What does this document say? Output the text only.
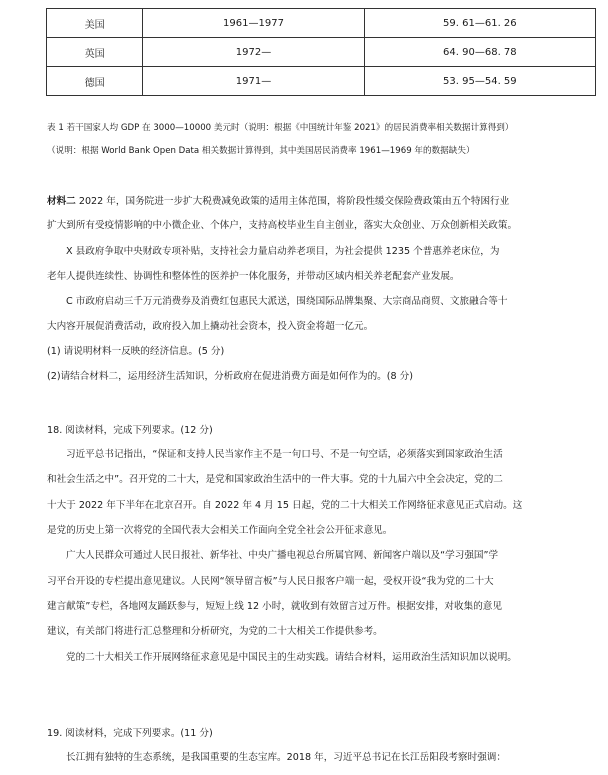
美国	1961—1977	59. 61—61. 26
英国	1972—	64. 90—68. 78
德国	1971—	53. 95—54. 59
表 1 若干国家人均 GDP 在 3000—10000 美元时（说明：根据《中国统计年鉴 2021》的居民消费率相关数据计算得到）
（说明：根据 World Bank Open Data 相关数据计算得到，其中美国居民消费率 1961—1969 年的数据缺失）
材料二 2022 年，国务院进一步扩大税费减免政策的适用主体范围，将阶段性缓交保险费政策由五个特困行业
扩大到所有受疫情影响的中小微企业、个体户，支持高校毕业生自主创业，落实大众创业、万众创新相关政策。
X 县政府争取中央财政专项补贴，支持社会力量启动养老项目，为社会提供 1235 个普惠养老床位，为
老年人提供连续性、协调性和整体性的医养护一体化服务，并带动区域内相关养老配套产业发展。
C 市政府启动三千万元消费券及消费红包惠民大派送，围绕国际品牌集聚、大宗商品商贸、文旅融合等十
大内容开展促消费活动，政府投入加上撬动社会资本，投入资金将超一亿元。
(1) 请说明材料一反映的经济信息。(5 分)
(2)请结合材料二，运用经济生活知识，分析政府在促进消费方面是如何作为的。(8 分)
18. 阅读材料，完成下列要求。(12 分)
习近平总书记指出，“保证和支持人民当家作主不是一句口号、不是一句空话，必须落实到国家政治生活
和社会生活之中”。召开党的二十大，是党和国家政治生活中的一件大事。党的十九届六中全会决定，党的二
十大于 2022 年下半年在北京召开。自 2022 年 4 月 15 日起，党的二十大相关工作网络征求意见正式启动。这
是党的历史上第一次将党的全国代表大会相关工作面向全党全社会公开征求意见。
广大人民群众可通过人民日报社、新华社、中央广播电视总台所属官网、新闻客户端以及“学习强国”学
习平台开设的专栏提出意见建议。人民网“领导留言板”与人民日报客户端一起，受权开设“我为党的二十大
建言献策”专栏，各地网友踊跃参与，短短上线 12 小时，就收到有效留言过万件。根据安排，对收集的意见
建议，有关部门将进行汇总整理和分析研究，为党的二十大相关工作提供参考。
党的二十大相关工作开展网络征求意见是中国民主的生动实践。请结合材料，运用政治生活知识加以说明。
19. 阅读材料，完成下列要求。(11 分)
长江拥有独特的生态系统，是我国重要的生态宝库。2018 年，习近平总书记在长江岳阳段考察时强调：
